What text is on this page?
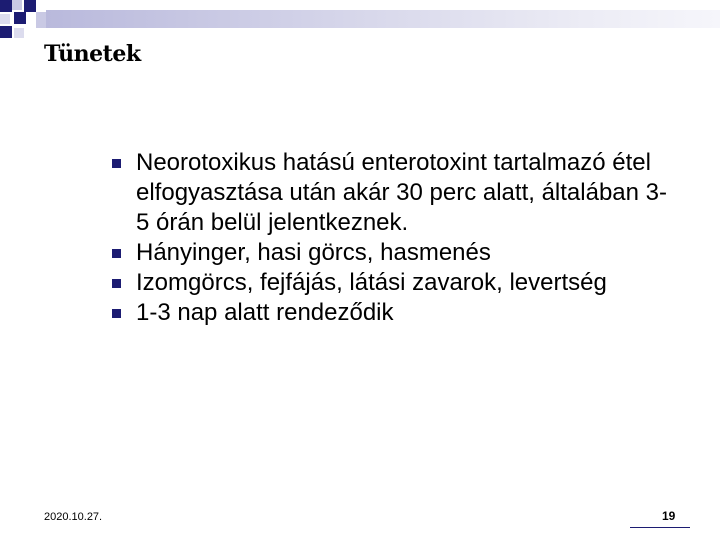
Tünetek
Neorotoxikus hatású enterotoxint tartalmazó étel elfogyasztása után akár 30 perc alatt, általában 3-5 órán belül jelentkeznek.
Hányinger, hasi görcs, hasmenés
Izomgörcs, fejfájás, látási zavarok, levertség
1-3 nap alatt rendeződik
2020.10.27.	19
